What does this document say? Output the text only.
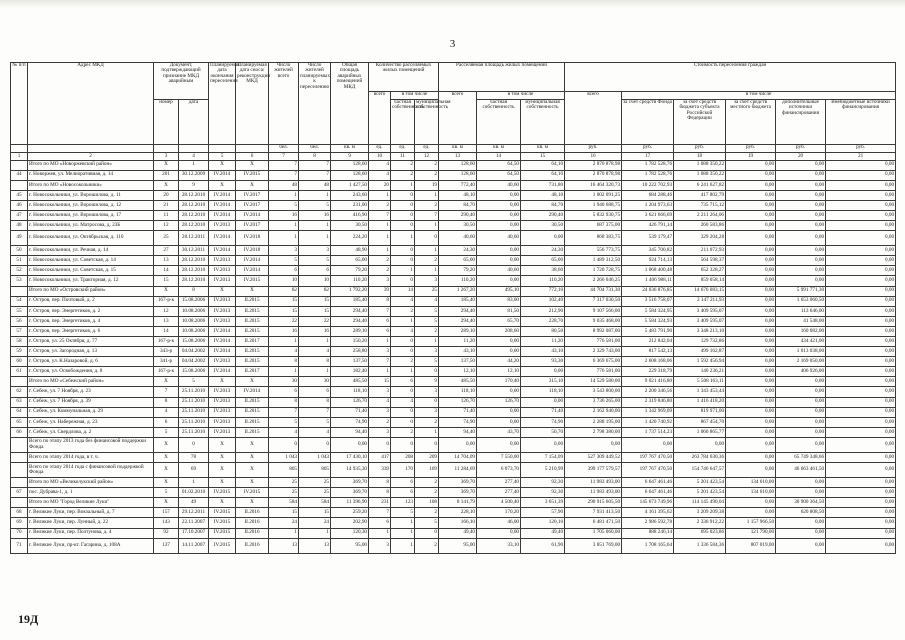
3
№ п/п	Адрес МКД	Документ, подтверждающий признание МКД аварийным		Планируемая дата окончания переселения	Планируемая дата сноса/ реконструкции МКД	Число жителей всего	Число жителей планируемых к переселению	Общая площадь аварийных помещений МКД	Количество расселяемых жилых помещений			Расселяемая площадь жилых помещений			Стоимость переселения граждан					
									всего	в том числе		всего	в том числе		всего	в том числе				
		номер	дата							частная собственность	муниципальная собственность		частная собственность	муниципальная собственность		за счет средств Фонда	за счет средств бюджета субъекта Российской Федерации	за счет средств местного бюджета	дополнительные источники финансирования	Внебюджетные источники финансирования
						чел.	чел.	кв. м	ед.	ед.	ед.	кв. м	кв. м	кв. м	руб.	руб.	руб.	руб.	руб.	руб.
1	2	3	4	5	6	7	8	9	10	11	12	13	14	15	16	17	18	19	20	21
	Итого по МО «Новоржевский район»	X	1	X	X	7	7	128,60	4	2	2	128,60	64,50	64,10	2 870 878,98	1 782 528,76	1 088 350,22	0,00	0,00	0,00
44	г. Новоржев, ул. Мелиоративная, д. 14	201	30.12.2009	IV.2014	IV.2015	7	7	128,60	4	2	2	128,60	64,50	64,10	2 870 878,98	1 782 528,76	1 088 350,22	0,00	0,00	0,00
	Итого по МО «Новосокольники»	X	9	X	X	48	48	1 427,50	20	1	19	772,40	40,60	731,80	16 464 320,73	10 222 702,93	6 241 627,82	0,00	0,00	0,00
45	г. Новосокольники, ул. Ворошилова, д. 11	20	28.12.2010	IV.2014	IV.2017	1	1	243,60	1	0	1	48,10	0,00	48,10	1 002 091,25	684 288,46	417 802,79	0,00	0,00	0,00
46	г. Новосокольники, ул. Ворошилова, д. 12	21	28.12.2010	IV.2014	IV.2017	5	5	231,00	2	0	2	84,70	0,00	84,70	1 940 688,75	1 204 973,63	735 715,12	0,00	0,00	0,00
47	г. Новосокольники, ул. Ворошилова, д. 17	11	28.12.2010	IV.2014	IV.2014	16	16	416,90	7	0	7	290,40	0,00	290,40	5 832 930,75	3 621 666,69	2 211 264,06	0,00	0,00	0,00
48	г. Новосокольники, ул. Матросова, д. 23Б	12	28.12.2010	IV.2013	IV.2017	1	1	30,50	1	0	1	30,50	0,00	30,50	687 375,00	426 791,14	260 583,86	0,00	0,00	0,00
49	г. Новосокольники, ул. Октябрьская, д. 110	25	28.12.2011	IV.2014	IV.2018	1	1	224,20	1	1	0	40,60	40,60	0,00	868 383,75	539 179,47	329 204,28	0,00	0,00	0,00
50	г. Новосокольники, ул. Речная, д. 14	27	30.12.2011	IV.2014	IV.2018	3	3	48,90	1	0	1	24,30	0,00	24,30	556 773,75	345 700,82	211 072,93	0,00	0,00	0,00
51	г. Новосокольники, ул. Советская, д. 14	13	28.12.2010	IV.2013	IV.2014	5	5	65,00	2	0	2	65,00	0,00	65,00	1 489 312,50	924 714,13	564 598,37	0,00	0,00	0,00
52	г. Новосокольники, ул. Советская, д. 15	14	28.12.2010	IV.2013	IV.2014	6	6	79,20	2	1	1	79,20	40,60	38,60	1 720 728,75	1 068 400,48	652 328,27	0,00	0,00	0,00
53	г. Новосокольники, ул. Тракторная, д. 12	15	28.12.2010	IV.2013	IV.2015	10	10	110,20	3	0	3	110,20	0,00	110,20	2 266 046,25	1 406 988,11	859 058,14	0,00	0,00	0,00
	Итого по МО «Островский район»	X	8	X	X	82	82	1 792,20	39	14	25	1 267,20	495,10	772,10	44 704 731,30	24 036 876,85	14 676 083,15	0,00	5 991 771,30	0,00
54	г. Остров, пер. Почтовый, д. 2	167-р-к	15.08.2006	IV.2013	II.2015	15	15	185,40	8	4	4	185,40	83,00	102,40	7 317 030,50	3 516 758,07	2 147 211,93	0,00	1 653 060,50	0,00
55	г. Остров, пер. Энергетиков, д. 2	12	10.08.2006	IV.2013	II.2015	15	15	294,40	7	2	5	294,40	81,50	212,90	9 107 566,00	5 584 324,95	3 409 595,07	0,00	113 646,00	0,00
56	г. Остров, пер. Энергетиков, д. 4	13	10.08.2006	IV.2013	II.2015	22	22	294,40	6	1	5	294,40	65,70	228,70	9 035 468,00	5 584 324,93	3 409 595,07	0,00	41 548,00	0,00
57	г. Остров, пер. Энергетиков, д. 6	14	10.08.2006	IV.2014	II.2015	16	16	289,10	6	4	2	289,10	208,60	80,50	8 992 087,00	5 483 791,90	3 348 213,10	0,00	160 082,00	0,00
58	г. Остров, ул. 25 Октября, д. 77	167-р-к	15.08.2006	IV.2014	II.2017	1	1	150,20	1	0	1	11,20	0,00	11,20	776 581,00	212 842,04	129 732,86	0,00	434 421,00	0,00
59	г. Остров, ул. Загородная, д. 13	343-р	04.04.2002	IV.2014	II.2015	4	4	258,80	3	0	3	43,10	0,00	43,10	2 329 743,00	817 542,13	499 162,87	0,00	1 013 038,00	0,00
60	г. Остров, ул. К.Назаровой, д. 6	341-р	04.04.2002	IV.2013	II.2015	8	8	137,50	7	2	5	137,50	44,20	93,30	6 369 675,00	2 608 168,06	1 592 456,94	0,00	2 169 050,00	0,00
61	г. Остров, ул. Освобождения, д. 8	167-р-к	15.08.2006	IV.2014	II.2017	1	1	182,40	1	1	0	12,10	12,10	0,00	776 581,00	229 318,79	140 236,21	0,00	406 926,00	0,00
	Итого по МО «Себежский район»	X	5	X	X	30	30	485,50	15	6	9	485,50	170,40	315,10	14 529 580,00	9 021 416,80	5 508 163,11	0,00	0,00	0,00
62	г. Себеж, ул. 7 Ноября, д. 23	7	25.11.2010	IV.2013	IV.2014	6	6	118,10	3	0	3	118,10	0,00	118,10	3 543 800,00	2 200 346,56	1 343 453,44	0,00	0,00	0,00
63	г. Себеж, ул. 7 Ноября, д. 39	8	25.11.2010	IV.2013	II.2015	8	8	126,70	4	4	0	126,70	126,70	0,00	3 736 265,00	2 319 846,80	1 416 418,20	0,00	0,00	0,00
64	г. Себеж, ул. Коммунальная, д. 29	4	25.11.2010	IV.2013	II.2015	7	7	71,40	3	0	3	71,40	0,00	71,40	2 162 940,00	1 342 969,09	819 971,00	0,00	0,00	0,00
65	г. Себеж, ул. Набережная, д. 23	6	25.11.2010	IV.2013	II.2015	5	5	74,90	2	0	2	74,90	0,00	74,90	2 288 195,00	1 420 740,92	867 454,70	0,00	0,00	0,00
66	г. Себеж, ул. Свердлова, д. 2	5	25.11.2010	IV.2013	II.2015	4	4	94,40	3	2	1	94,40	43,70	50,70	2 798 380,00	1 737 514,23	1 060 865,77	0,00	0,00	0,00
	Всего по этапу 2013 года без финансовой поддержки Фонда	X	0	X	X	0	0	0,00	0	0	0	0,00	0,00	0,00	0,00	0,00	0,00	0,00	0,00	0,00
	Всего по этапу 2014 года, в т. ч.	X	78	X	X	1 043	1 043	17 430,10	417	208	209	14 704,09	7 550,00	7 154,09	527 309 449,52	197 767 470,50	263 784 630,36	0,00	65 749 348,66	0,00
	Всего по этапу 2014 года с финансовой поддержкой Фонда	X	69	X	X	805	805	14 935,30	339	170	169	11 284,69	6 073,70	5 210,99	399 177 579,57	197 767 470,50	154 746 647,57	0,00	46 663 461,50	0,00
	Итого по МО «Великолукский район»	X	1	X	X	25	25	369,70	8	6	2	369,70	277,40	92,30	11 983 493,00	6 647 461,46	5 201 423,54	134 610,00	0,00	0,00
67	пос. Дубрава-1, д. 1	5	01.02.2010	IV.2015	IV.2015	25	25	369,70	8	6	2	369,70	277,40	92,30	11 983 493,00	6 647 461,46	5 201 423,54	134 610,00	0,00	0,00
	Итого по МО "Город Великие Луки"	X	49	X	X	584	584	11 396,90	231	123	108	8 141,79	4 500,40	3 651,39	290 915 605,50	145 673 749,96	114 145 490,04	0,00	30 900 364,50	0,00
68	г. Великие Луки, пер. Вокзальный, д. 7	157	29.12.2011	IV.2015	II.2016	15	15	259,20	7	5	2	228,10	170,20	57,90	7 931 413,50	4 161 395,62	3 209 209,38	0,00	620 808,50	0,00
69	г. Великие Луки, пер. Лунный, д. 22	143	22.11.2007	IV.2015	II.2016	24	24	202,90	6	1	5	166,10	46,00	120,10	6 481 471,50	2 986 592,78	2 336 912,22	1 157 966,50	0,00	0,00
70	г. Великие Луки, пер. Полтунова, д. 4	92	17.10.2007	IV.2015	II.2016	1	1	120,30	1	1	0	49,40	0,00	49,40	1 705 060,00	888 246,14	695 023,86	121 790,00	0,00	0,00
71	г. Великие Луки, пр-кт. Гагарина, д. 108А	137	14.11.2007	IV.2015	II.2016	13	13	95,00	3	1	2	95,00	33,10	61,90	3 851 769,00	1 708 165,64	1 336 584,36	807 019,00	0,00	0,00
19Д
